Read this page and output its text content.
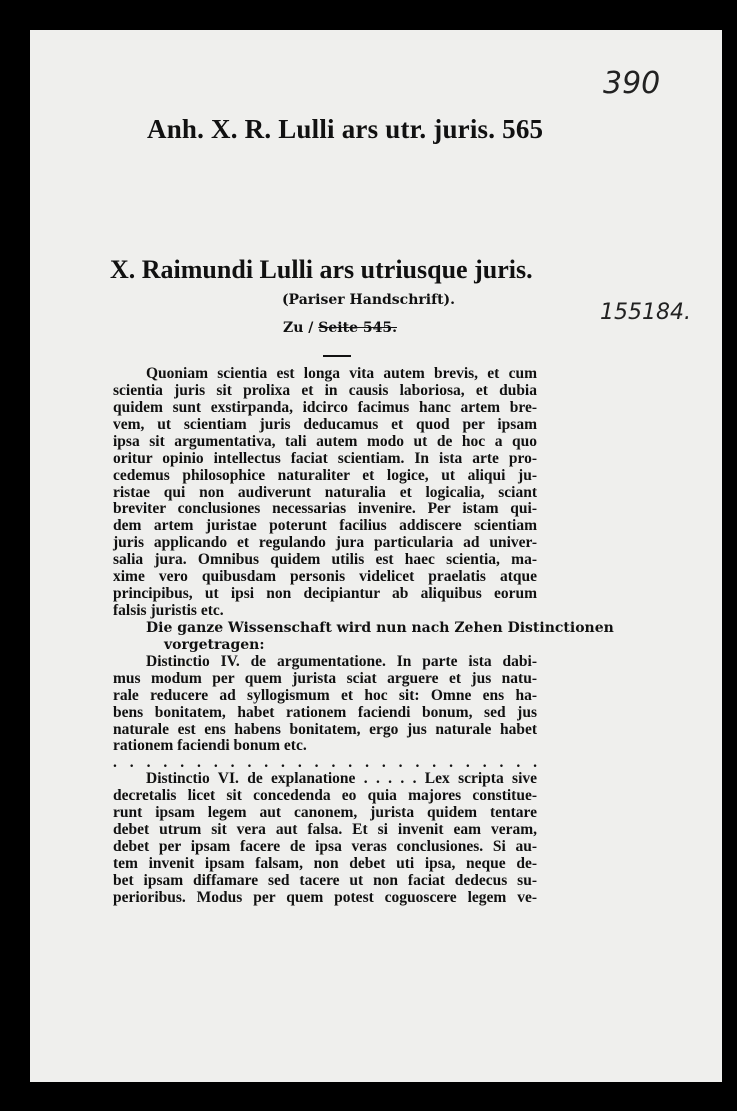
390
155184.
Anh. X. R. Lulli ars utr. juris. 565
X. Raimundi Lulli ars utriusque juris.
(Pariser Handschrift).
Zu / Seite 545.
Quoniam scientia est longa vita autem brevis, et cum
scientia juris sit prolixa et in causis laboriosa, et dubia
quidem sunt exstirpanda, idcirco facimus hanc artem bre-
vem, ut scientiam juris deducamus et quod per ipsam
ipsa sit argumentativa, tali autem modo ut de hoc a quo
oritur opinio intellectus faciat scientiam. In ista arte pro-
cedemus philosophice naturaliter et logice, ut aliqui ju-
ristae qui non audiverunt naturalia et logicalia, sciant
breviter conclusiones necessarias invenire. Per istam qui-
dem artem juristae poterunt facilius addiscere scientiam
juris applicando et regulando jura particularia ad univer-
salia jura. Omnibus quidem utilis est haec scientia, ma-
xime vero quibusdam personis videlicet praelatis atque
principibus, ut ipsi non decipiantur ab aliquibus eorum
falsis juristis etc.
Die ganze Wissenschaft wird nun nach Zehen Distinctionen
vorgetragen:
Distinctio IV. de argumentatione. In parte ista dabi-
mus modum per quem jurista sciat arguere et jus natu-
rale reducere ad syllogismum et hoc sit: Omne ens ha-
bens bonitatem, habet rationem faciendi bonum, sed jus
naturale est ens habens bonitatem, ergo jus naturale habet
rationem faciendi bonum etc.
. . . . . . . . . . . . . . . . . . . . . . . . . .
Distinctio VI. de explanatione . . . . . Lex scripta sive
decretalis licet sit concedenda eo quia majores constitue-
runt ipsam legem aut canonem, jurista quidem tentare
debet utrum sit vera aut falsa. Et si invenit eam veram,
debet per ipsam facere de ipsa veras conclusiones. Si au-
tem invenit ipsam falsam, non debet uti ipsa, neque de-
bet ipsam diffamare sed tacere ut non faciat dedecus su-
perioribus. Modus per quem potest coguoscere legem ve-
